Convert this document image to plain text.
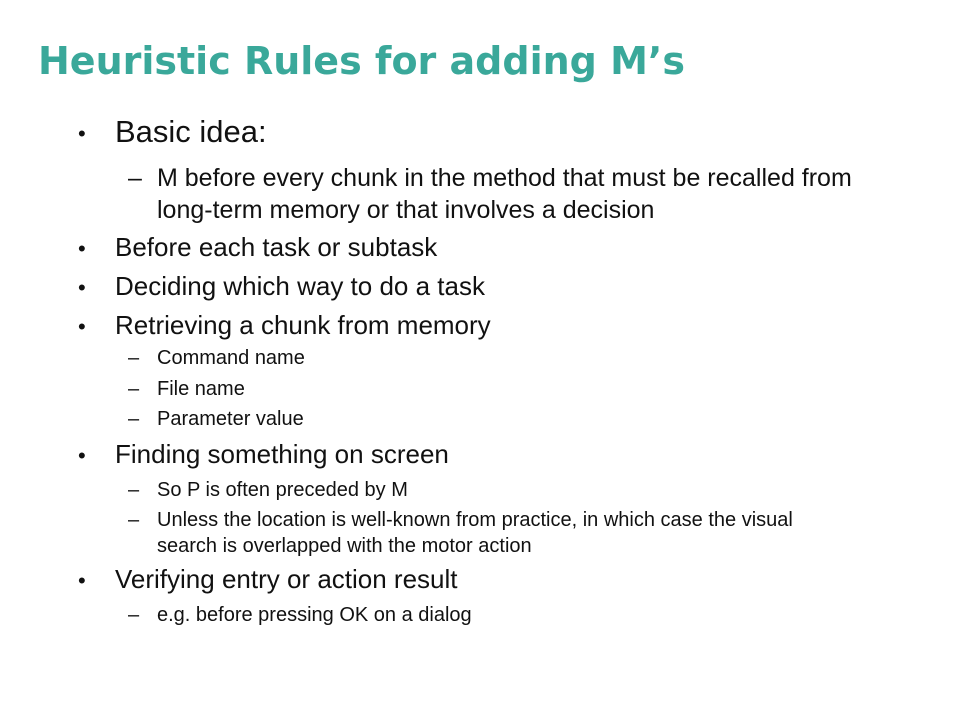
Heuristic Rules for adding M’s
• Basic idea:
– M before every chunk in the method that must be recalled from long-term memory or that involves a decision
• Before each task or subtask
• Deciding which way to do a task
• Retrieving a chunk from memory
– Command name
– File name
– Parameter value
• Finding something on screen
– So P is often preceded by M
– Unless the location is well-known from practice, in which case the visual search is overlapped with the motor action
• Verifying entry or action result
– e.g. before pressing OK on a dialog
